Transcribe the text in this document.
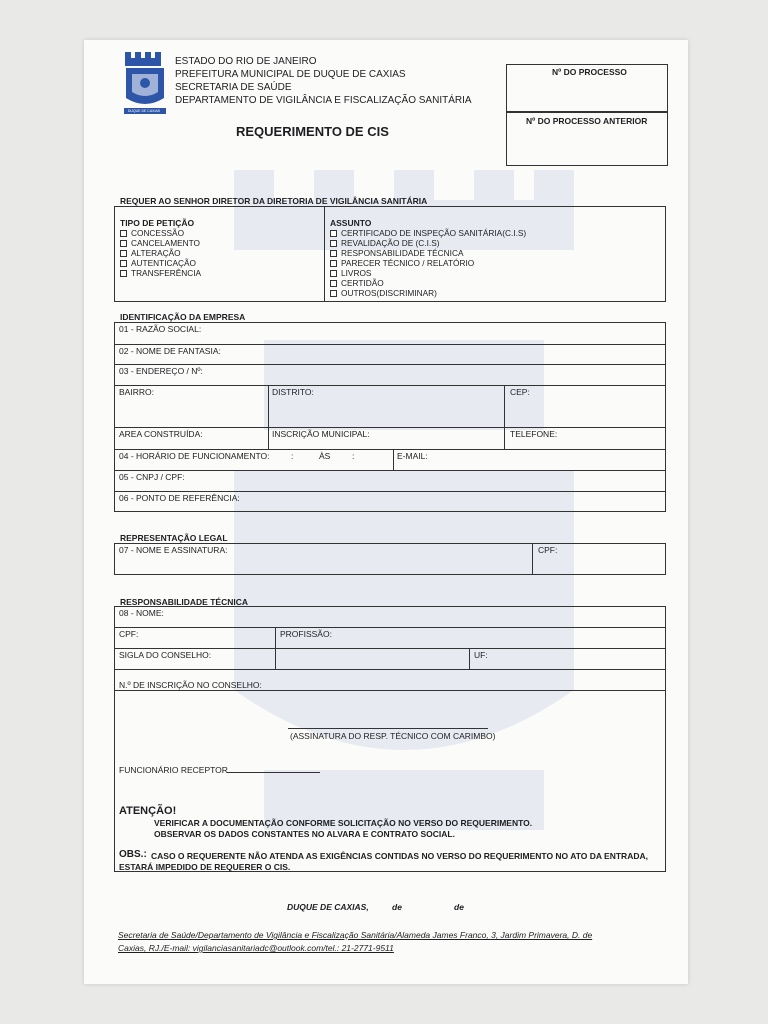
DUQUE DE CAXIAS
ESTADO DO RIO DE JANEIRO
PREFEITURA MUNICIPAL DE DUQUE DE CAXIAS
SECRETARIA DE SAÚDE
DEPARTAMENTO DE VIGILÂNCIA E FISCALIZAÇÃO SANITÁRIA
REQUERIMENTO DE CIS
Nº DO PROCESSO
Nº DO PROCESSO ANTERIOR
REQUER AO SENHOR DIRETOR DA DIRETORIA DE VIGILÂNCIA SANITÁRIA
TIPO DE PETIÇÃO
CONCESSÃO
CANCELAMENTO
ALTERAÇÃO
AUTENTICAÇÃO
TRANSFERÊNCIA
ASSUNTO
CERTIFICADO DE INSPEÇÃO SANITÁRIA(C.I.S)
REVALIDAÇÃO DE (C.I.S)
RESPONSABILIDADE TÉCNICA
PARECER TÉCNICO / RELATÓRIO
LIVROS
CERTIDÃO
OUTROS(DISCRIMINAR)
IDENTIFICAÇÃO DA EMPRESA
01 - RAZÃO SOCIAL:
02 - NOME DE FANTASIA:
03 - ENDEREÇO / Nº:
BAIRRO:	DISTRITO:	CEP:
AREA CONSTRUÍDA:	INSCRIÇÃO MUNICIPAL:	TELEFONE:
04 - HORÁRIO DE FUNCIONAMENTO:	:	ÀS	:	E-MAIL:
05 - CNPJ / CPF:
06 - PONTO DE REFERÊNCIA:
REPRESENTAÇÃO LEGAL
07 - NOME E ASSINATURA:	CPF:
RESPONSABILIDADE TÉCNICA
08 - NOME:
CPF:	PROFISSÃO:
SIGLA DO CONSELHO:	UF:
N.º DE INSCRIÇÃO NO CONSELHO:
(ASSINATURA DO RESP. TÉCNICO COM CARIMBO)
FUNCIONÁRIO RECEPTOR
ATENÇÃO!
VERIFICAR A DOCUMENTAÇÃO CONFORME SOLICITAÇÃO NO VERSO DO REQUERIMENTO.
OBSERVAR OS DADOS CONSTANTES NO ALVARA E CONTRATO SOCIAL.
OBS.: CASO O REQUERENTE NÃO ATENDA AS EXIGÊNCIAS CONTIDAS NO VERSO DO REQUERIMENTO NO ATO DA ENTRADA,
ESTARÁ IMPEDIDO DE REQUERER O CIS.
DUQUE DE CAXIAS,	de	de
Secretaria de Saúde/Departamento de Vigilância e Fiscalização Sanitária/Alameda James Franco, 3, Jardim Primavera, D. de
Caxias, RJ./E-mail: vigilanciasanitariadc@outlook.com/tel.: 21-2771-9511
